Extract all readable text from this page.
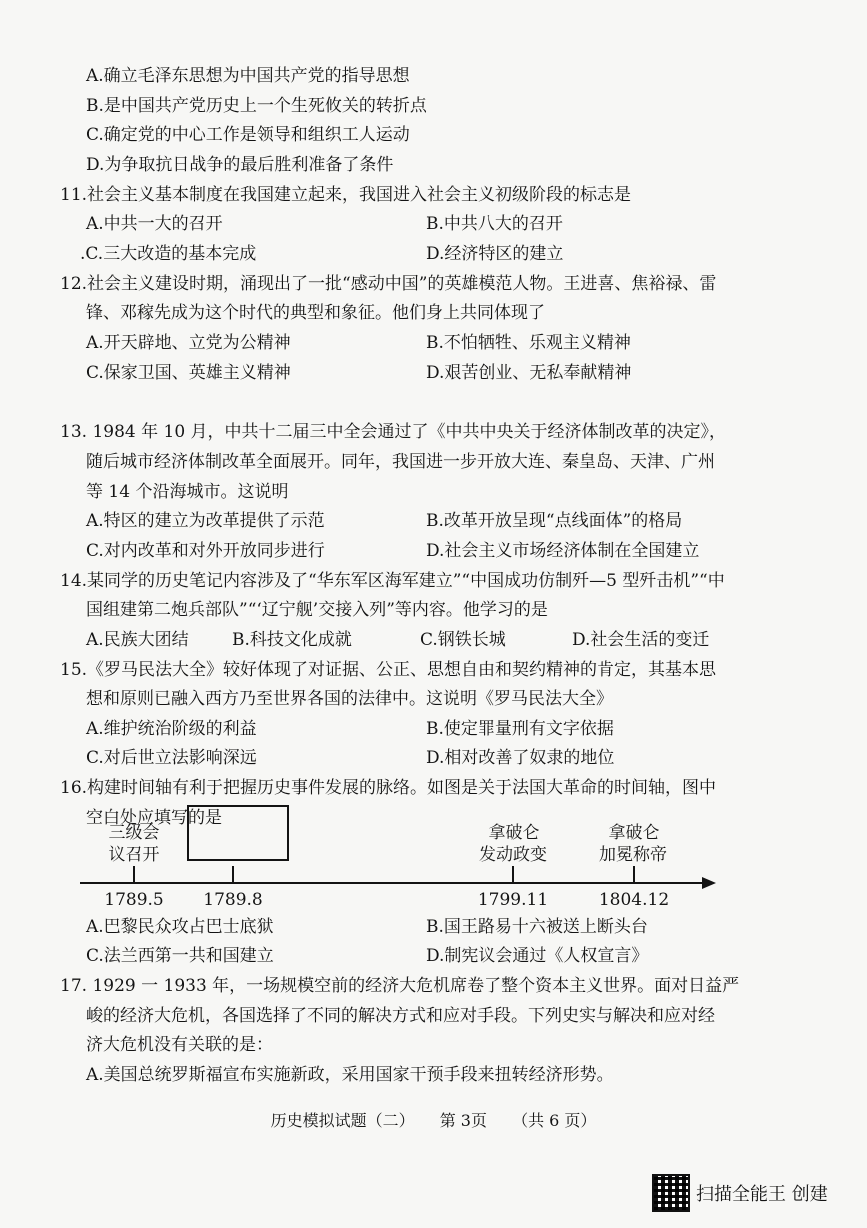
A.确立毛泽东思想为中国共产党的指导思想
B.是中国共产党历史上一个生死攸关的转折点
C.确定党的中心工作是领导和组织工人运动
D.为争取抗日战争的最后胜利准备了条件
11.社会主义基本制度在我国建立起来，我国进入社会主义初级阶段的标志是
A.中共一大的召开	B.中共八大的召开
.C.三大改造的基本完成	D.经济特区的建立
12.社会主义建设时期，涌现出了一批“感动中国”的英雄模范人物。王进喜、焦裕禄、雷
锋、邓稼先成为这个时代的典型和象征。他们身上共同体现了
A.开天辟地、立党为公精神	B.不怕牺牲、乐观主义精神
C.保家卫国、英雄主义精神	D.艰苦创业、无私奉献精神
13. 1984 年 10 月，中共十二届三中全会通过了《中共中央关于经济体制改革的决定》，
随后城市经济体制改革全面展开。同年，我国进一步开放大连、秦皇岛、天津、广州
等 14 个沿海城市。这说明
A.特区的建立为改革提供了示范	B.改革开放呈现“点线面体”的格局
C.对内改革和对外开放同步进行	D.社会主义市场经济体制在全国建立
14.某同学的历史笔记内容涉及了“华东军区海军建立”“中国成功仿制歼—5 型歼击机”“中
国组建第二炮兵部队”“‘辽宁舰’交接入列”等内容。他学习的是
A.民族大团结	B.科技文化成就	C.钢铁长城	D.社会生活的变迁
15.《罗马民法大全》较好体现了对证据、公正、思想自由和契约精神的肯定，其基本思
想和原则已融入西方乃至世界各国的法律中。这说明《罗马民法大全》
A.维护统治阶级的利益	B.使定罪量刑有文字依据
C.对后世立法影响深远	D.相对改善了奴隶的地位
16.构建时间轴有利于把握历史事件发展的脉络。如图是关于法国大革命的时间轴，图中
空白处应填写的是
三级会
议召开
拿破仑
发动政变
拿破仑
加冕称帝
1789.5 1789.8	1799.11	1804.12
A.巴黎民众攻占巴士底狱	B.国王路易十六被送上断头台
C.法兰西第一共和国建立	D.制宪议会通过《人权宣言》
17. 1929 一 1933 年，一场规模空前的经济大危机席卷了整个资本主义世界。面对日益严
峻的经济大危机，各国选择了不同的解决方式和应对手段。下列史实与解决和应对经
济大危机没有关联的是：
A.美国总统罗斯福宣布实施新政，采用国家干预手段来扭转经济形势。
历史模拟试题（二） 第 3页 （共 6 页）
扫描全能王 创建
